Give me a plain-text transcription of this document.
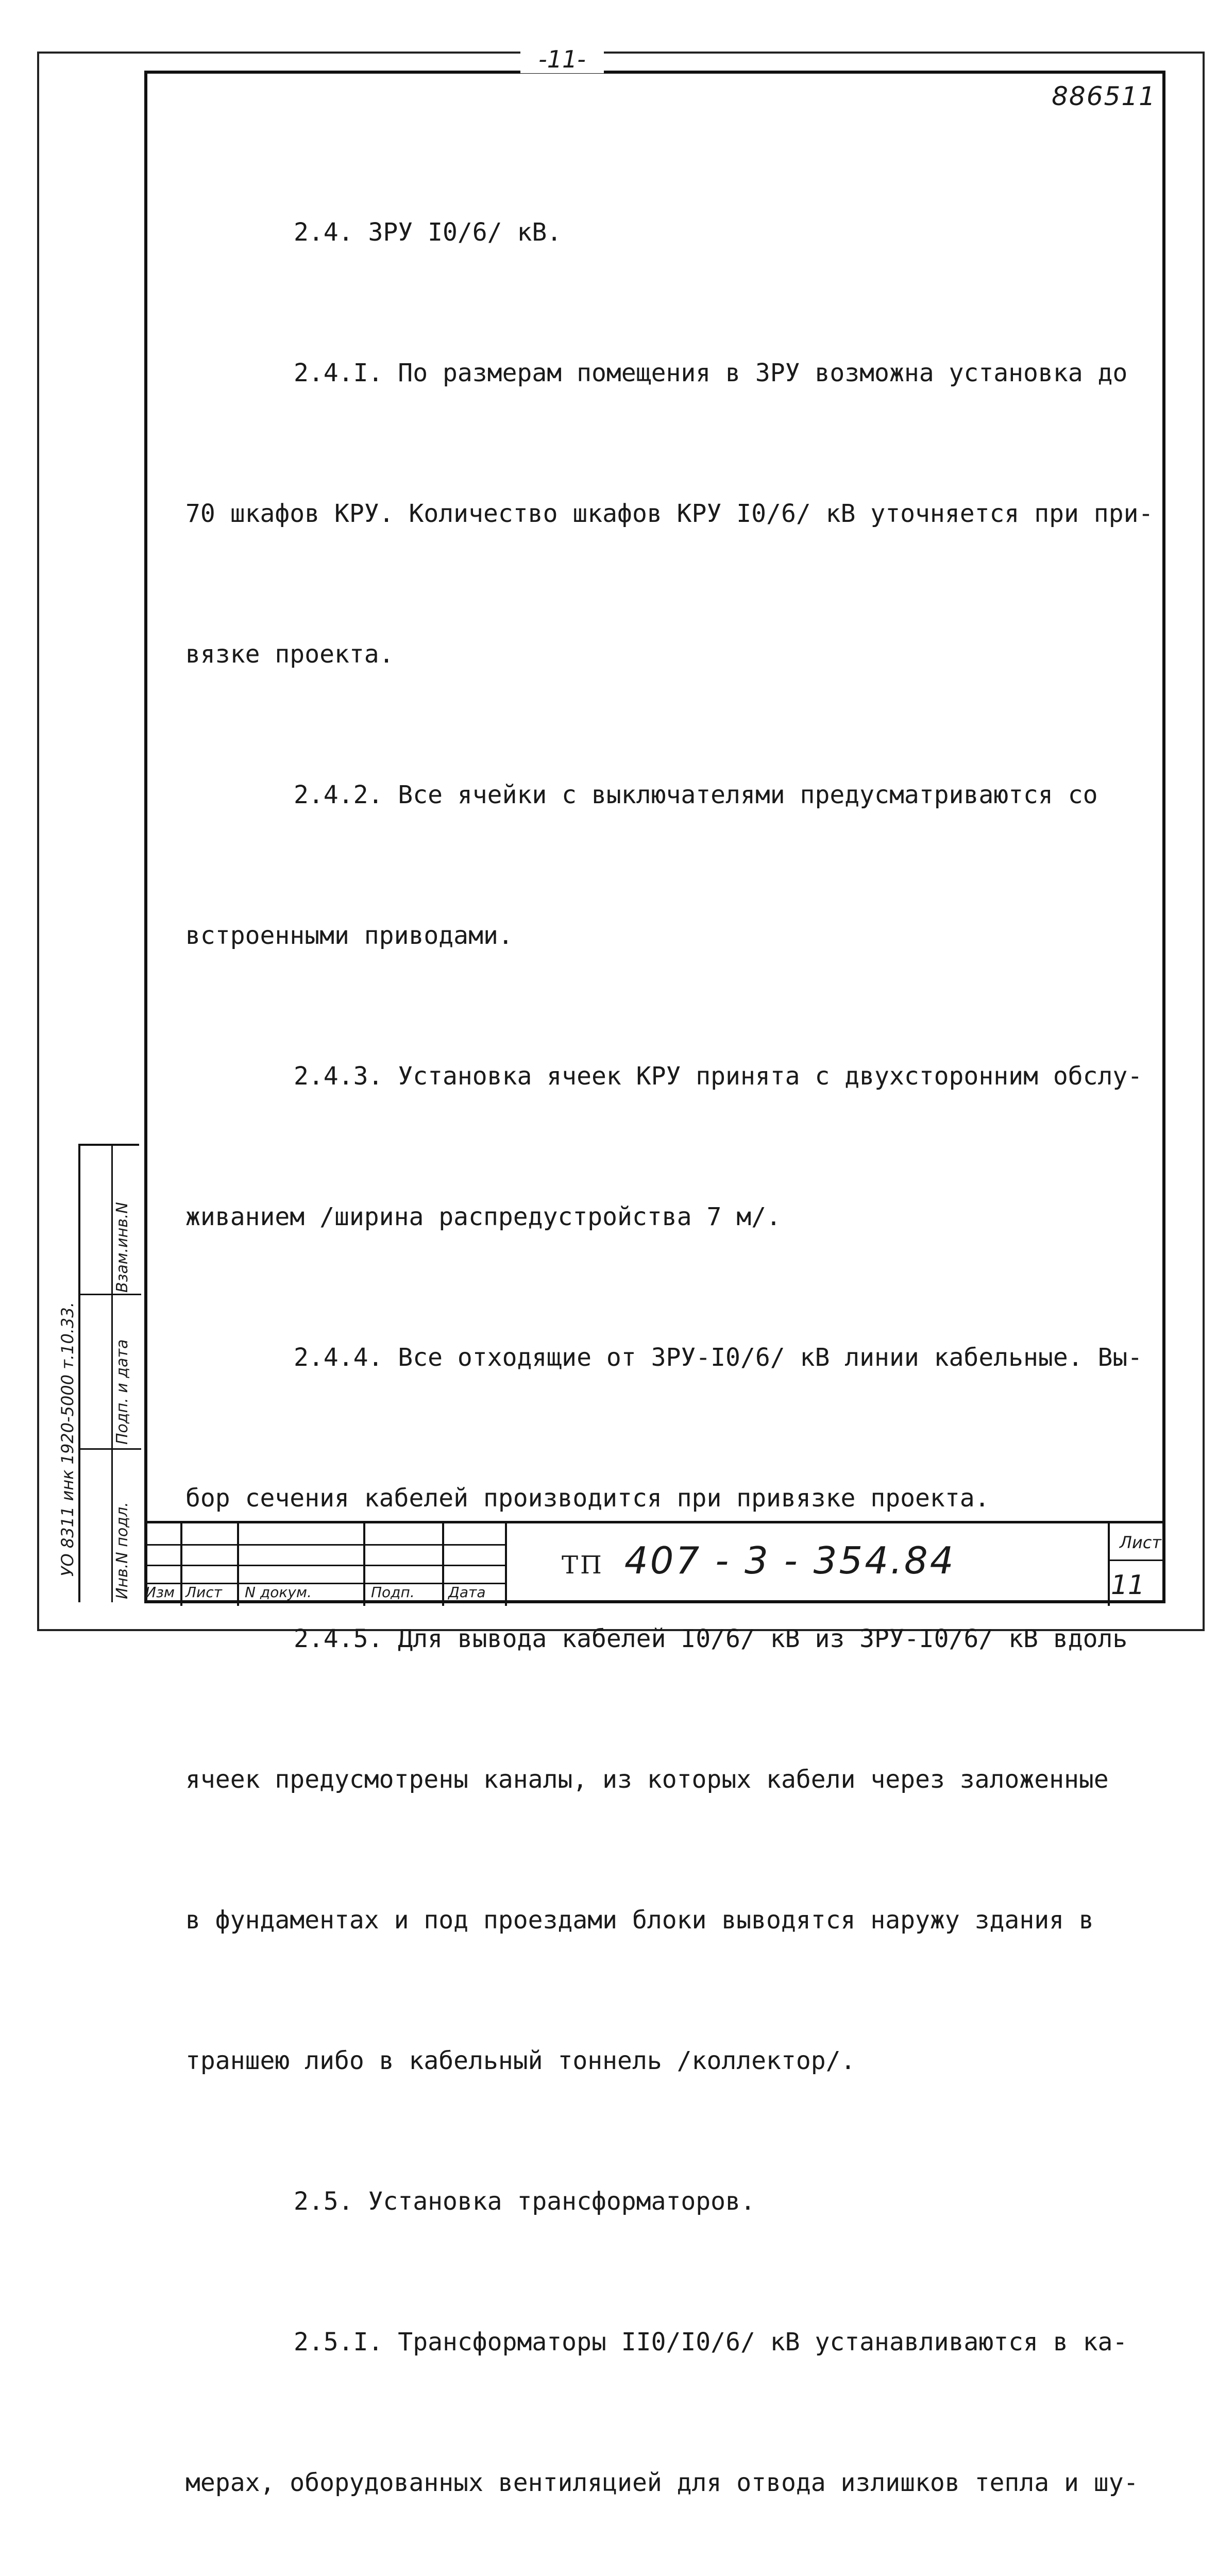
-11-
886511

2.4. ЗРУ I0/6/ кВ.

2.4.I. По размерам помещения в ЗРУ возможна установка до

70 шкафов КРУ. Количество шкафов КРУ I0/6/ кВ уточняется при при-

вязке проекта.

2.4.2. Все ячейки с выключателями предусматриваются со

встроенными приводами.

2.4.3. Установка ячеек КРУ принята с двухсторонним обслу-

живанием /ширина распредустройства 7 м/.

2.4.4. Все отходящие от ЗРУ-I0/6/ кВ линии кабельные. Вы-

бор сечения кабелей производится при привязке проекта.

2.4.5. Для вывода кабелей I0/6/ кВ из ЗРУ-I0/6/ кВ вдоль

ячеек предусмотрены каналы, из которых кабели через заложенные

в фундаментах и под проездами блоки выводятся наружу здания в

траншею либо в кабельный тоннель /коллектор/.

2.5. Установка трансформаторов.

2.5.I. Трансформаторы II0/I0/6/ кВ устанавливаются в ка-

мерах, оборудованных вентиляцией для отвода излишков тепла и шу-

Взам.инв.N
Подп. и дата
Инв.N подл.
УО 8311 инк 1920-5000 т.10.33.
Изм Лист N докум.	Подп. Дата
ТП 407 - 3 - 354.84	Лист
11
